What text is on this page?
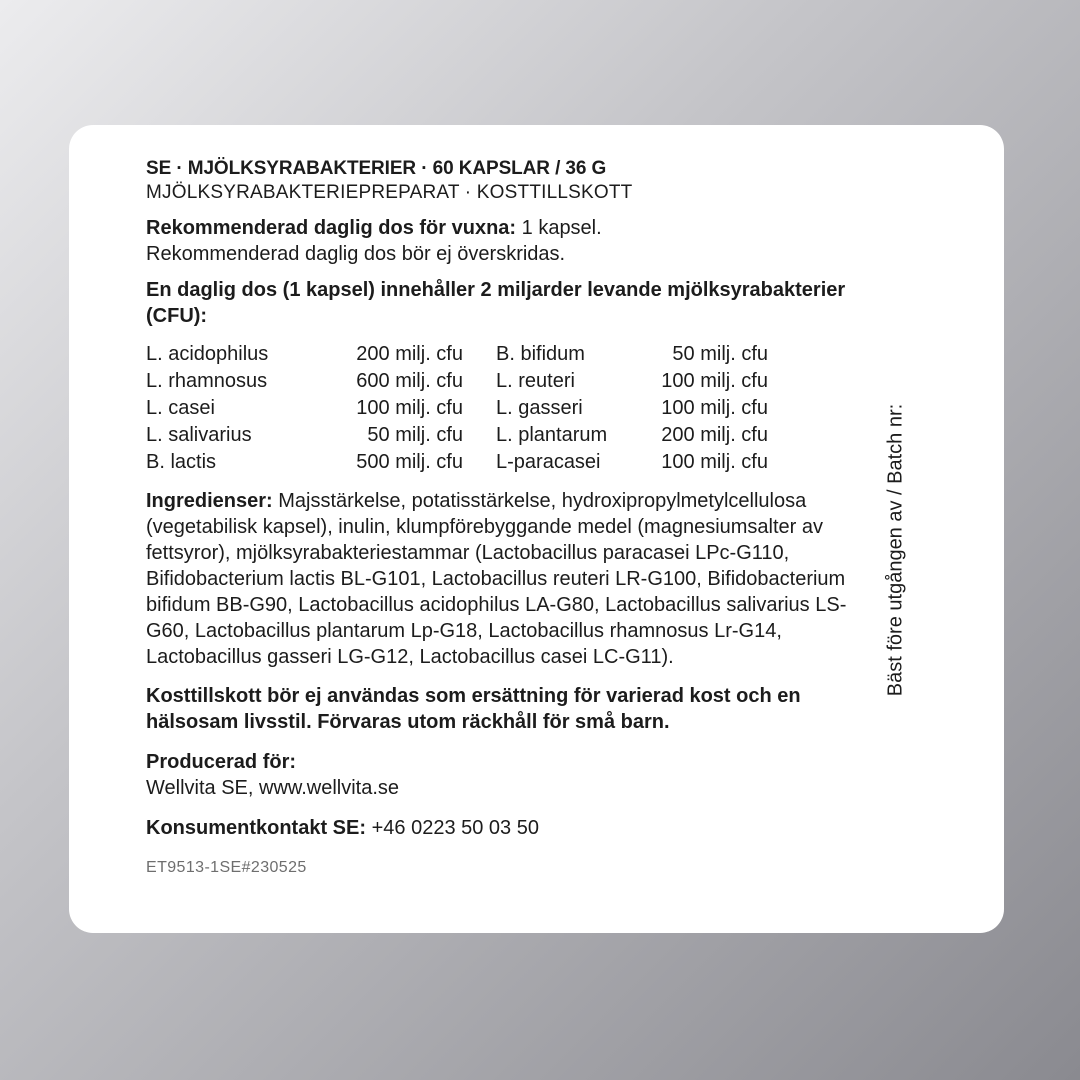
SE · MJÖLKSYRABAKTERIER · 60 KAPSLAR / 36 G
MJÖLKSYRABAKTERIEPREPARAT · KOSTTILLSKOTT
Rekommenderad daglig dos för vuxna: 1 kapsel.
Rekommenderad daglig dos bör ej överskridas.
En daglig dos (1 kapsel) innehåller 2 miljarder levande mjölksyrabakterier (CFU):
L. acidophilus	200 milj. cfu	B. bifidum	50 milj. cfu
L. rhamnosus	600 milj. cfu	L. reuteri	100 milj. cfu
L. casei	100 milj. cfu	L. gasseri	100 milj. cfu
L. salivarius	50 milj. cfu	L. plantarum	200 milj. cfu
B. lactis	500 milj. cfu	L-paracasei	100 milj. cfu
Ingredienser: Majsstärkelse, potatisstärkelse, hydroxipropylmetylcellulosa (vegetabilisk kapsel), inulin, klumpförebyggande medel (magnesiumsalter av fettsyror), mjölksyrabakteriestammar (Lactobacillus paracasei LPc-G110, Bifidobacterium lactis BL-G101, Lactobacillus reuteri LR-G100, Bifidobacterium bifidum BB-G90, Lactobacillus acidophilus LA-G80, Lactobacillus salivarius LS-G60, Lactobacillus plantarum Lp-G18, Lactobacillus rhamnosus Lr-G14, Lactobacillus gasseri LG-G12, Lactobacillus casei LC-G11).
Kosttillskott bör ej användas som ersättning för varierad kost och en hälsosam livsstil. Förvaras utom räckhåll för små barn.
Producerad för:
Wellvita SE, www.wellvita.se
Konsumentkontakt SE: +46 0223 50 03 50
ET9513-1SE#230525
Bäst före utgången av / Batch nr:
